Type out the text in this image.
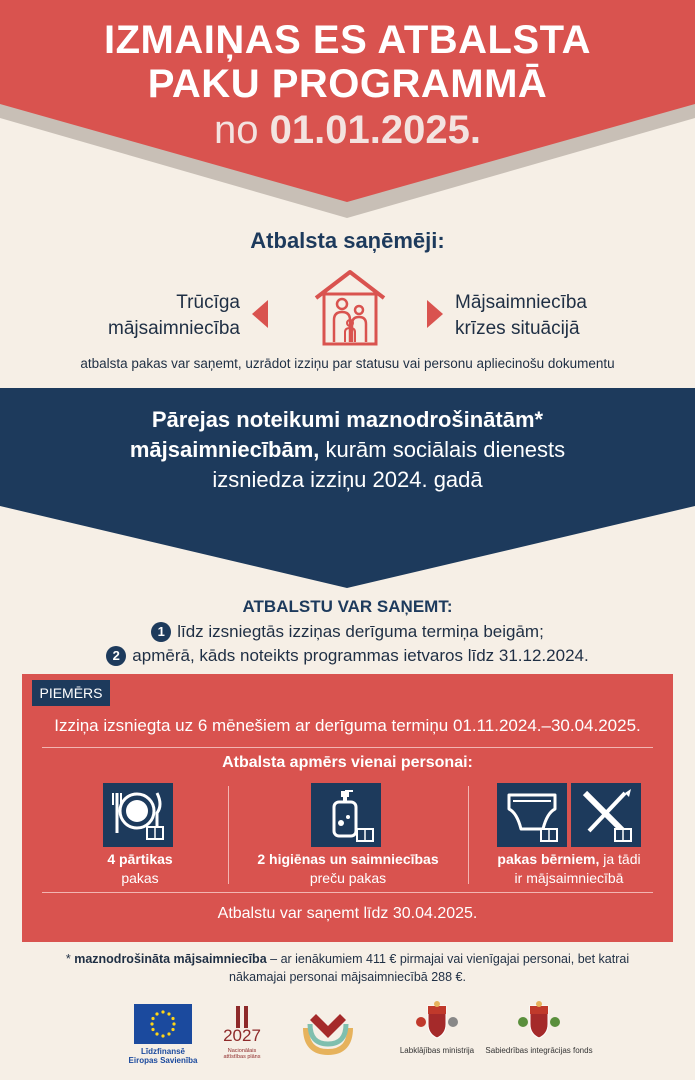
IZMAIŅAS ES ATBALSTA
PAKU PROGRAMMĀ
no 01.01.2025.
Atbalsta saņēmēji:
Trūcīga
mājsaimniecība
Mājsaimniecība
krīzes situācijā
atbalsta pakas var saņemt, uzrādot izziņu par statusu vai personu apliecinošu dokumentu
Pārejas noteikumi maznodrošinātām*
mājsaimniecībām, kurām sociālais dienests
izsniedza izziņu 2024. gadā
ATBALSTU VAR SAŅEMT:
1 līdz izsniegtās izziņas derīguma termiņa beigām;
2 apmērā, kāds noteikts programmas ietvaros līdz 31.12.2024.
PIEMĒRS
Izziņa izsniegta uz 6 mēnešiem ar derīguma termiņu 01.11.2024.–30.04.2025.
Atbalsta apmērs vienai personai:
4 pārtikas
pakas
2 higiēnas un saimniecības
preču pakas
pakas bērniem, ja tādi
ir mājsaimniecībā
Atbalstu var saņemt līdz 30.04.2025.
* maznodrošināta mājsaimniecība – ar ienākumiem 411 € pirmajai vai vienīgajai personai, bet katrai nākamajai personai mājsaimniecībā 288 €.
Līdzfinansē
Eiropas Savienība
2027
Nacionālais
attīstības plāns
Labklājības ministrija	Sabiedrības integrācijas fonds
